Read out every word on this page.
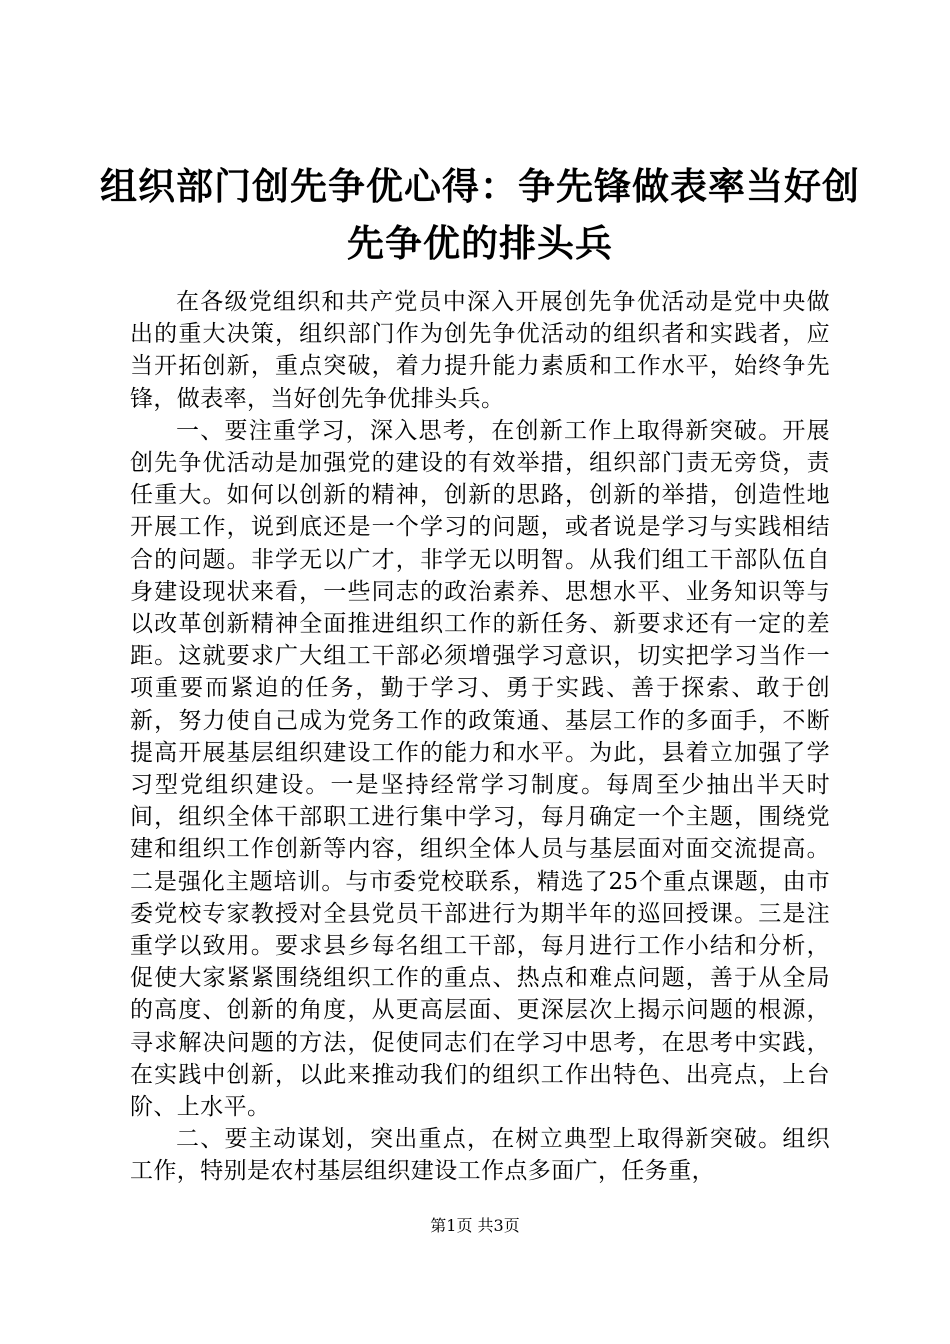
组织部门创先争优心得：争先锋做表率当好创先争优的排头兵

在各级党组织和共产党员中深入开展创先争优活动是党中央做出的重大决策，组织部门作为创先争优活动的组织者和实践者，应当开拓创新，重点突破，着力提升能力素质和工作水平，始终争先锋，做表率，当好创先争优排头兵。

一、要注重学习，深入思考，在创新工作上取得新突破。开展创先争优活动是加强党的建设的有效举措，组织部门责无旁贷，责任重大。如何以创新的精神，创新的思路，创新的举措，创造性地开展工作，说到底还是一个学习的问题，或者说是学习与实践相结合的问题。非学无以广才，非学无以明智。从我们组工干部队伍自身建设现状来看，一些同志的政治素养、思想水平、业务知识等与以改革创新精神全面推进组织工作的新任务、新要求还有一定的差距。这就要求广大组工干部必须增强学习意识，切实把学习当作一项重要而紧迫的任务，勤于学习、勇于实践、善于探索、敢于创新，努力使自己成为党务工作的政策通、基层工作的多面手，不断提高开展基层组织建设工作的能力和水平。为此，县着立加强了学习型党组织建设。一是坚持经常学习制度。每周至少抽出半天时间，组织全体干部职工进行集中学习，每月确定一个主题，围绕党建和组织工作创新等内容，组织全体人员与基层面对面交流提高。二是强化主题培训。与市委党校联系，精选了25个重点课题，由市委党校专家教授对全县党员干部进行为期半年的巡回授课。三是注重学以致用。要求县乡每名组工干部，每月进行工作小结和分析，促使大家紧紧围绕组织工作的重点、热点和难点问题，善于从全局的高度、创新的角度，从更高层面、更深层次上揭示问题的根源，寻求解决问题的方法，促使同志们在学习中思考，在思考中实践，在实践中创新，以此来推动我们的组织工作出特色、出亮点，上台阶、上水平。

二、要主动谋划，突出重点，在树立典型上取得新突破。组织工作，特别是农村基层组织建设工作点多面广，任务重，

第1页 共3页
